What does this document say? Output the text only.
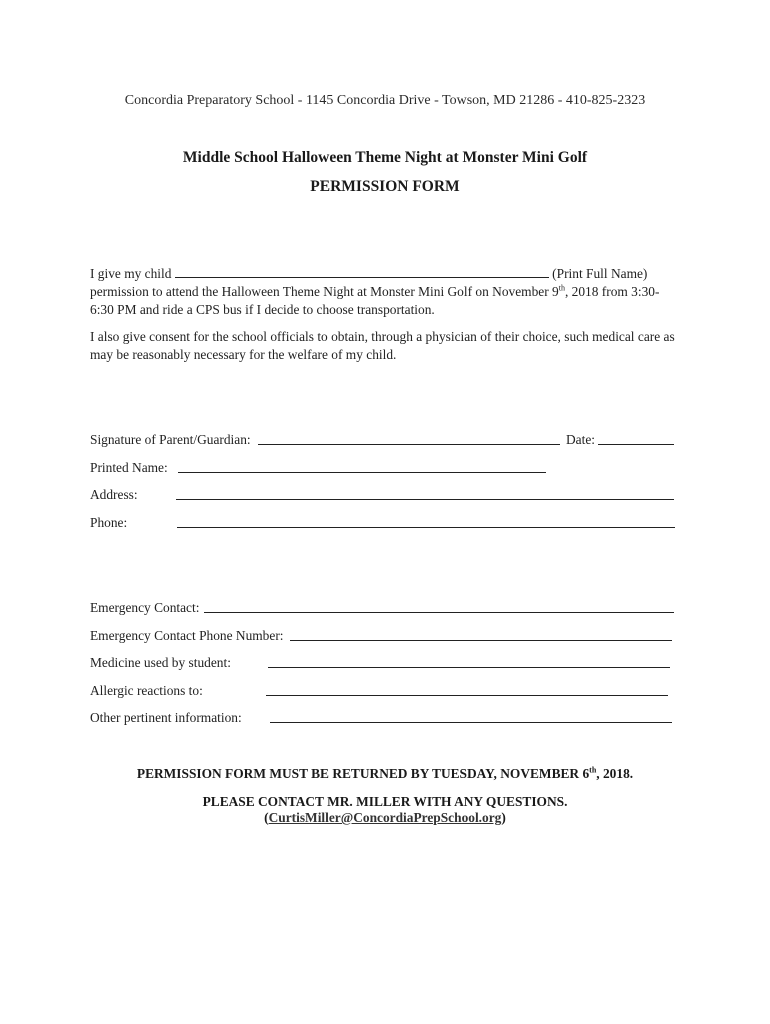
Concordia Preparatory School - 1145 Concordia Drive - Towson, MD 21286 - 410-825-2323
Middle School Halloween Theme Night at Monster Mini Golf
PERMISSION FORM
I give my child	(Print Full Name)
permission to attend the Halloween Theme Night at Monster Mini Golf on November 9th, 2018 from 3:30-
6:30 PM and ride a CPS bus if I decide to choose transportation.
I also give consent for the school officials to obtain, through a physician of their choice, such medical care as
may be reasonably necessary for the welfare of my child.
Signature of Parent/Guardian:	Date:
Printed Name:
Address:
Phone:
Emergency Contact:
Emergency Contact Phone Number:
Medicine used by student:
Allergic reactions to:
Other pertinent information:
PERMISSION FORM MUST BE RETURNED BY TUESDAY, NOVEMBER 6th, 2018.
PLEASE CONTACT MR. MILLER WITH ANY QUESTIONS.
(CurtisMiller@ConcordiaPrepSchool.org)
